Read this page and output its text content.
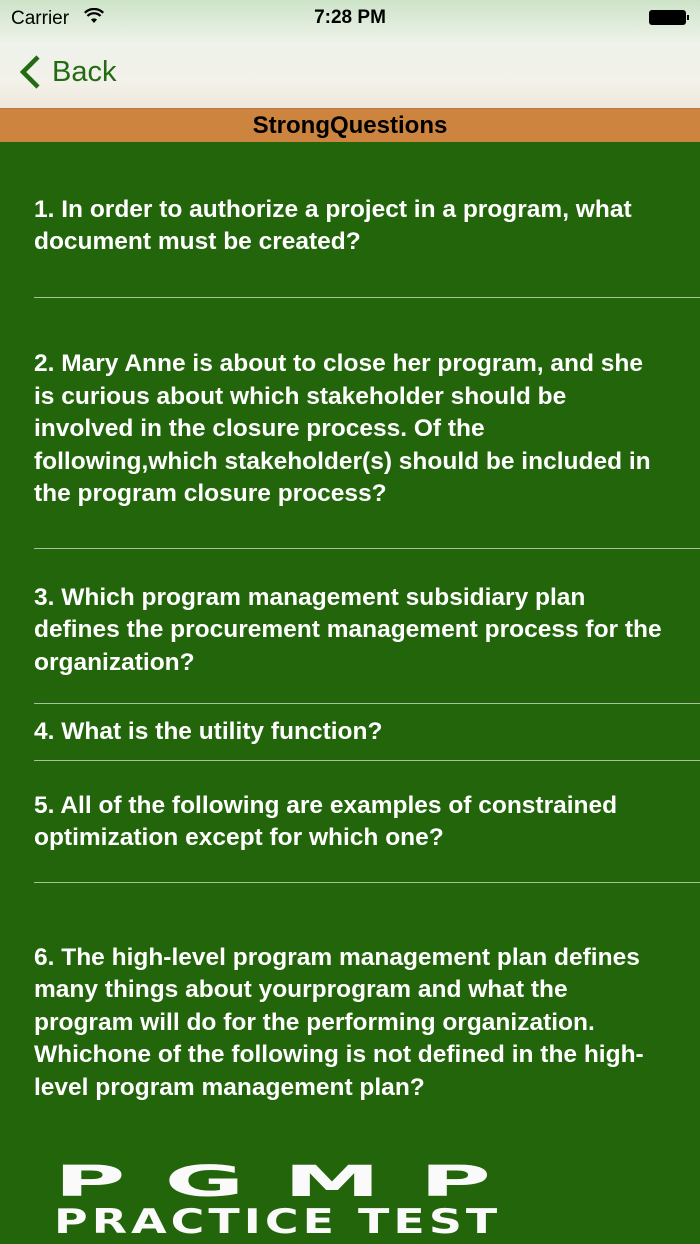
Carrier	7:28 PM
Back
StrongQuestions
1. In order to authorize a project in a program, what document must be created?
2. Mary Anne is about to close her program, and she is curious about which stakeholder should be involved in the closure process. Of the following,which stakeholder(s) should be included in the program closure process?
3. Which program management subsidiary plan defines the procurement management process for the organization?
4. What is the utility function?
5. All of the following are examples of constrained optimization except for which one?
6. The high-level program management plan defines many things about yourprogram and what the program will do for the performing organization. Whichone of the following is not defined in the high-level program management plan?
PGMP
PRACTICE TEST
